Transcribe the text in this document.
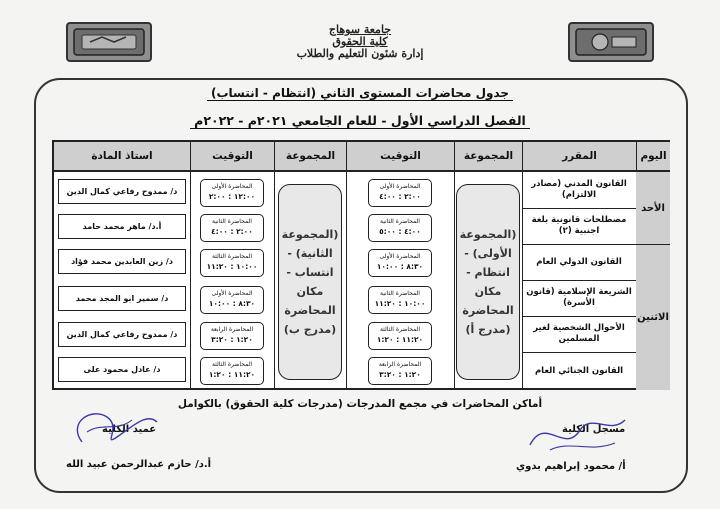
جامعة سوهاج
كلية الحقوق
إدارة شئون التعليم والطلاب
جدول محاضرات المستوى الثاني (انتظام - انتساب)
الفصل الدراسي الأول - للعام الجامعي ٢٠٢١م - ٢٠٢٢م
اليوم
المقرر
المجموعة
التوقيت
المجموعة
التوقيت
استاذ المادة
الأحد
الاثنين
القانون المدني (مصادر الالتزام)
مصطلحات قانونية بلغة اجنبية (٢)
القانون الدولي العام
الشريعة الإسلامية (قانون الأسرة)
الأحوال الشخصية لغير المسلمين
القانون الجنائي العام
(المجموعة الأولى) - انتظام - مكان المحاضرة (مدرج أ)
المحاضرة الأولى
٢:٠٠ : ٤:٠٠
المحاضرة الثانية
٤:٠٠ : ٥:٠٠
المحاضرة الأولى
٨:٣٠ : ١٠:٠٠
المحاضرة الثانية
١٠:٠٠ : ١١:٢٠
المحاضرة الثالثة
١١:٢٠ : ١:٢٠
المحاضرة الرابعة
١:٢٠ : ٣:٢٠
(المجموعة الثانية) - انتساب - مكان المحاضرة (مدرج ب)
المحاضرة الأولى
١٢:٠٠ : ٢:٠٠
المحاضرة الثانية
٢:٠٠ : ٤:٠٠
المحاضرة الثالثة
١٠:٠٠ : ١١:٢٠
المحاضرة الأولى
٨:٣٠ : ١٠:٠٠
المحاضرة الرابعة
١:٢٠ : ٣:٢٠
المحاضرة الثالثة
١١:٢٠ : ١:٢٠
د/ ممدوح رفاعي كمال الدين
أ.د/ ماهر محمد حامد
د/ زين العابدين محمد فؤاد
د/ سمير ابو المجد محمد
د/ ممدوح رفاعي كمال الدين
د/ عادل محمود على
أماكن المحاضرات في مجمع المدرجات (مدرجات كلية الحقوق) بالكوامل
عميد الكلية
أ.د/ حازم عبدالرحمن عبيد الله
مسجل الكلية
أ/ محمود إبراهيم بدوي
